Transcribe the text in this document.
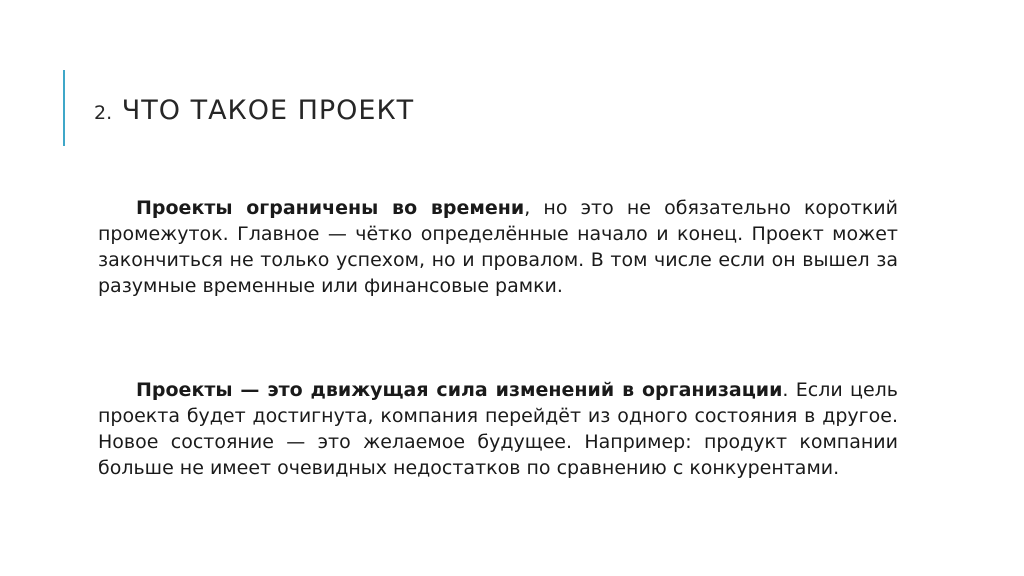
2. ЧТО ТАКОЕ ПРОЕКТ

Проекты ограничены во времени, но это не обязательно короткий промежуток. Главное — чётко определённые начало и конец. Проект может закончиться не только успехом, но и провалом. В том числе если он вышел за разумные временные или финансовые рамки.

Проекты — это движущая сила изменений в организации. Если цель проекта будет достигнута, компания перейдёт из одного состояния в другое. Новое состояние — это желаемое будущее. Например: продукт компании больше не имеет очевидных недостатков по сравнению с конкурентами.
